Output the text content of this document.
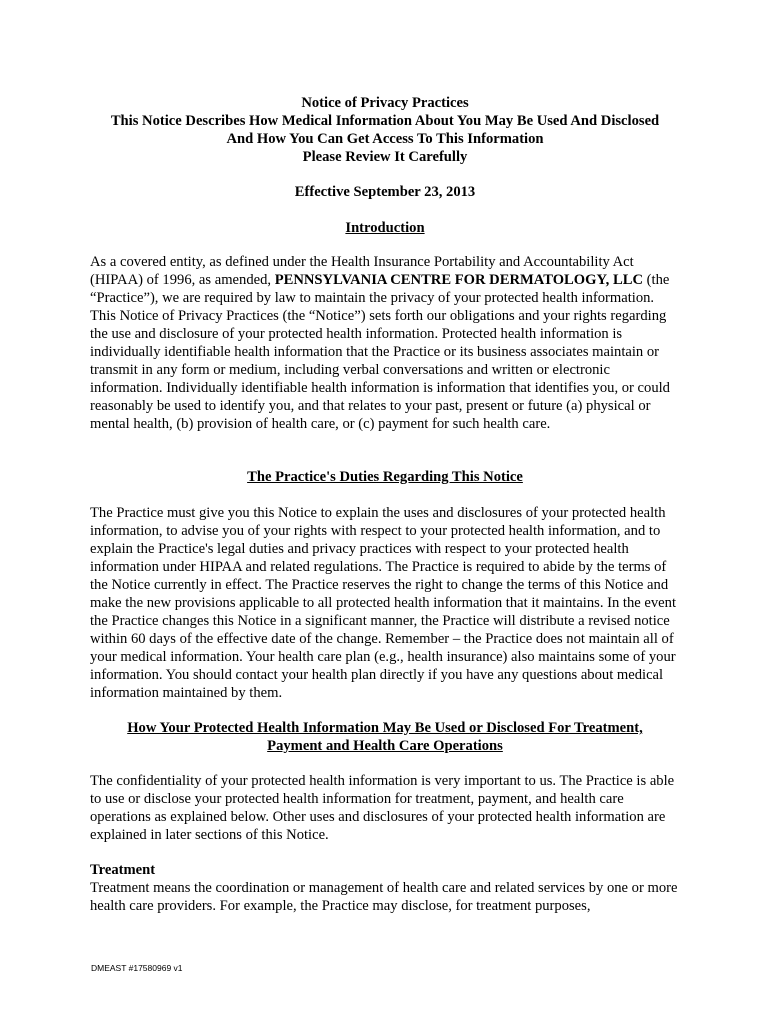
Notice of Privacy Practices
This Notice Describes How Medical Information About You May Be Used And Disclosed
And How You Can Get Access To This Information
Please Review It Carefully
Effective September 23, 2013
Introduction

As a covered entity, as defined under the Health Insurance Portability and Accountability Act (HIPAA) of 1996, as amended, PENNSYLVANIA CENTRE FOR DERMATOLOGY, LLC (the “Practice”), we are required by law to maintain the privacy of your protected health information. This Notice of Privacy Practices (the “Notice”) sets forth our obligations and your rights regarding the use and disclosure of your protected health information. Protected health information is individually identifiable health information that the Practice or its business associates maintain or transmit in any form or medium, including verbal conversations and written or electronic information. Individually identifiable health information is information that identifies you, or could reasonably be used to identify you, and that relates to your past, present or future (a) physical or mental health, (b) provision of health care, or (c) payment for such health care.

The Practice's Duties Regarding This Notice

The Practice must give you this Notice to explain the uses and disclosures of your protected health information, to advise you of your rights with respect to your protected health information, and to explain the Practice's legal duties and privacy practices with respect to your protected health information under HIPAA and related regulations. The Practice is required to abide by the terms of the Notice currently in effect. The Practice reserves the right to change the terms of this Notice and make the new provisions applicable to all protected health information that it maintains. In the event the Practice changes this Notice in a significant manner, the Practice will distribute a revised notice within 60 days of the effective date of the change. Remember – the Practice does not maintain all of your medical information. Your health care plan (e.g., health insurance) also maintains some of your information. You should contact your health plan directly if you have any questions about medical information maintained by them.

How Your Protected Health Information May Be Used or Disclosed For Treatment,
Payment and Health Care Operations

The confidentiality of your protected health information is very important to us. The Practice is able to use or disclose your protected health information for treatment, payment, and health care operations as explained below. Other uses and disclosures of your protected health information are explained in later sections of this Notice.

Treatment

Treatment means the coordination or management of health care and related services by one or more health care providers. For example, the Practice may disclose, for treatment purposes,

DMEAST #17580969 v1
